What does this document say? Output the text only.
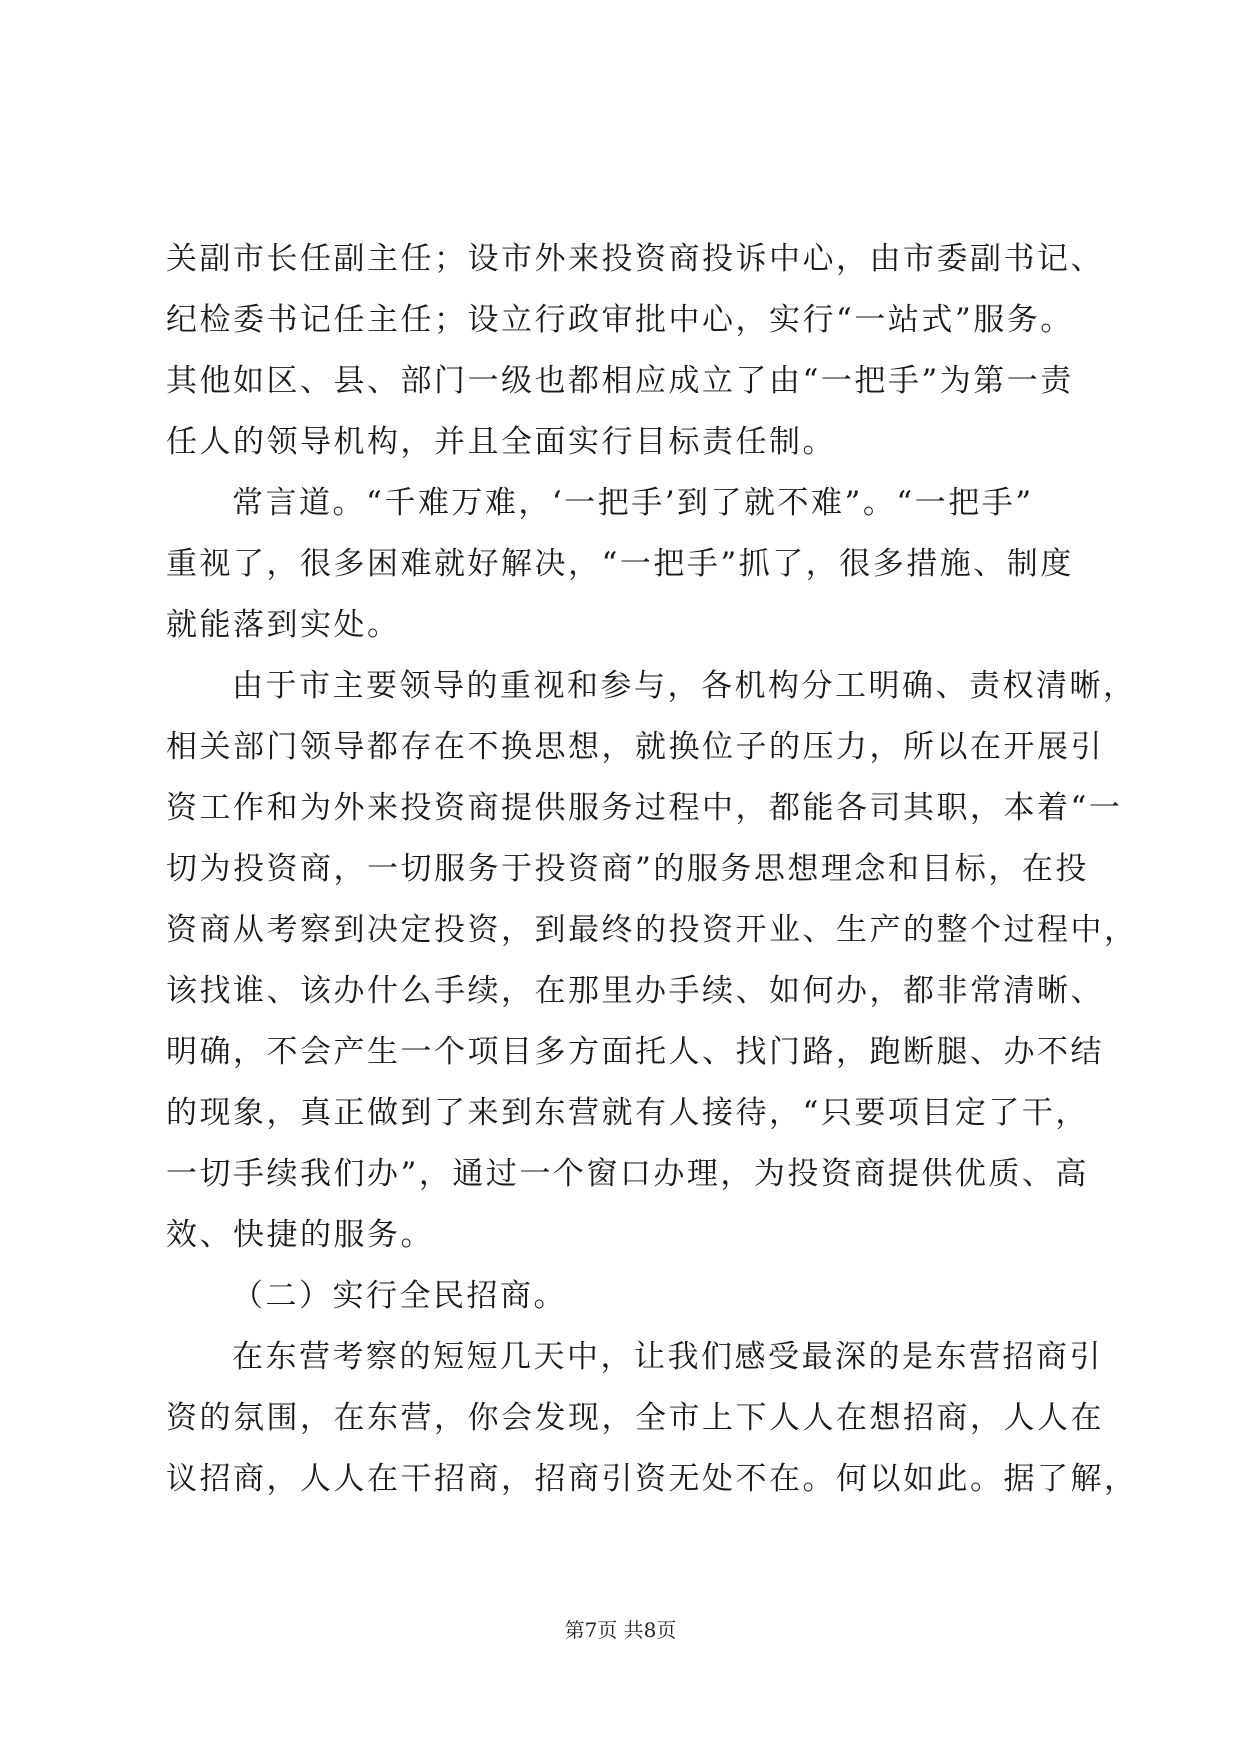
关副市长任副主任；设市外来投资商投诉中心，由市委副书记、
纪检委书记任主任；设立行政审批中心，实行“一站式”服务。
其他如区、县、部门一级也都相应成立了由“一把手”为第一责
任人的领导机构，并且全面实行目标责任制。
常言道。“千难万难，‘一把手’到了就不难”。“一把手”
重视了，很多困难就好解决，“一把手”抓了，很多措施、制度
就能落到实处。
由于市主要领导的重视和参与，各机构分工明确、责权清晰，
相关部门领导都存在不换思想，就换位子的压力，所以在开展引
资工作和为外来投资商提供服务过程中，都能各司其职，本着“一
切为投资商，一切服务于投资商”的服务思想理念和目标，在投
资商从考察到决定投资，到最终的投资开业、生产的整个过程中，
该找谁、该办什么手续，在那里办手续、如何办，都非常清晰、
明确，不会产生一个项目多方面托人、找门路，跑断腿、办不结
的现象，真正做到了来到东营就有人接待，“只要项目定了干，
一切手续我们办”，通过一个窗口办理，为投资商提供优质、高
效、快捷的服务。
（二）实行全民招商。
在东营考察的短短几天中，让我们感受最深的是东营招商引
资的氛围，在东营，你会发现，全市上下人人在想招商，人人在
议招商，人人在干招商，招商引资无处不在。何以如此。据了解，
第7页 共8页
